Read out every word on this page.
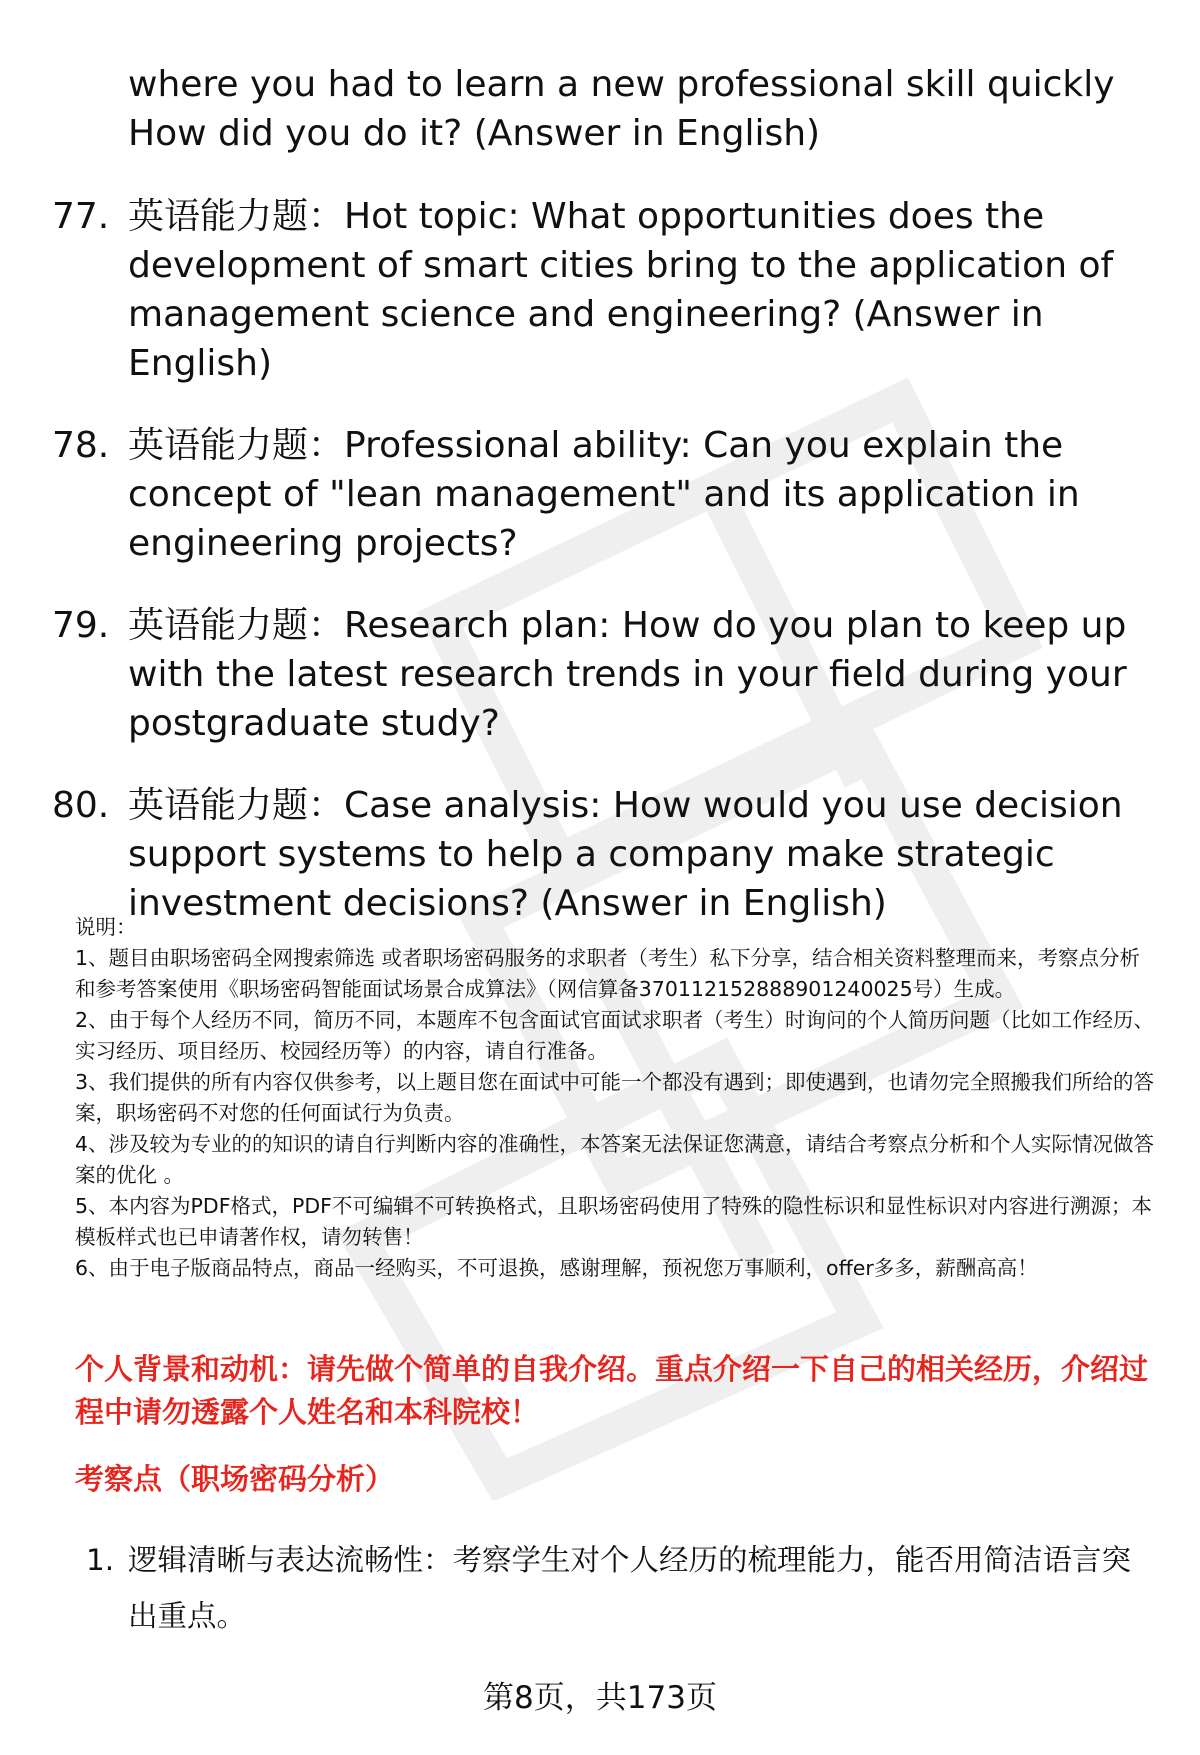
where you had to learn a new professional skill quickly How did you do it? (Answer in English)
77. 英语能力题：Hot topic: What opportunities does the development of smart cities bring to the application of management science and engineering? (Answer in English)
78. 英语能力题：Professional ability: Can you explain the concept of "lean management" and its application in engineering projects?
79. 英语能力题：Research plan: How do you plan to keep up with the latest research trends in your field during your postgraduate study?
80. 英语能力题：Case analysis: How would you use decision support systems to help a company make strategic investment decisions? (Answer in English)

说明：

1、题目由职场密码全网搜索筛选 或者职场密码服务的求职者（考生）私下分享，结合相关资料整理而来，考察点分析和参考答案使用《职场密码智能面试场景合成算法》（网信算备370112152888901240025号）生成。

2、由于每个人经历不同，简历不同，本题库不包含面试官面试求职者（考生）时询问的个人简历问题（比如工作经历、实习经历、项目经历、校园经历等）的内容，请自行准备。

3、我们提供的所有内容仅供参考，以上题目您在面试中可能一个都没有遇到；即使遇到，也请勿完全照搬我们所给的答案，职场密码不对您的任何面试行为负责。

4、涉及较为专业的的知识的请自行判断内容的准确性，本答案无法保证您满意，请结合考察点分析和个人实际情况做答案的优化 。

5、本内容为PDF格式，PDF不可编辑不可转换格式，且职场密码使用了特殊的隐性标识和显性标识对内容进行溯源；本模板样式也已申请著作权，请勿转售！

6、由于电子版商品特点，商品一经购买，不可退换，感谢理解，预祝您万事顺利，offer多多，薪酬高高！

个人背景和动机：请先做个简单的自我介绍。重点介绍一下自己的相关经历，介绍过程中请勿透露个人姓名和本科院校！
考察点（职场密码分析）
1. 逻辑清晰与表达流畅性：考察学生对个人经历的梳理能力，能否用简洁语言突出重点。
第8页，共173页
